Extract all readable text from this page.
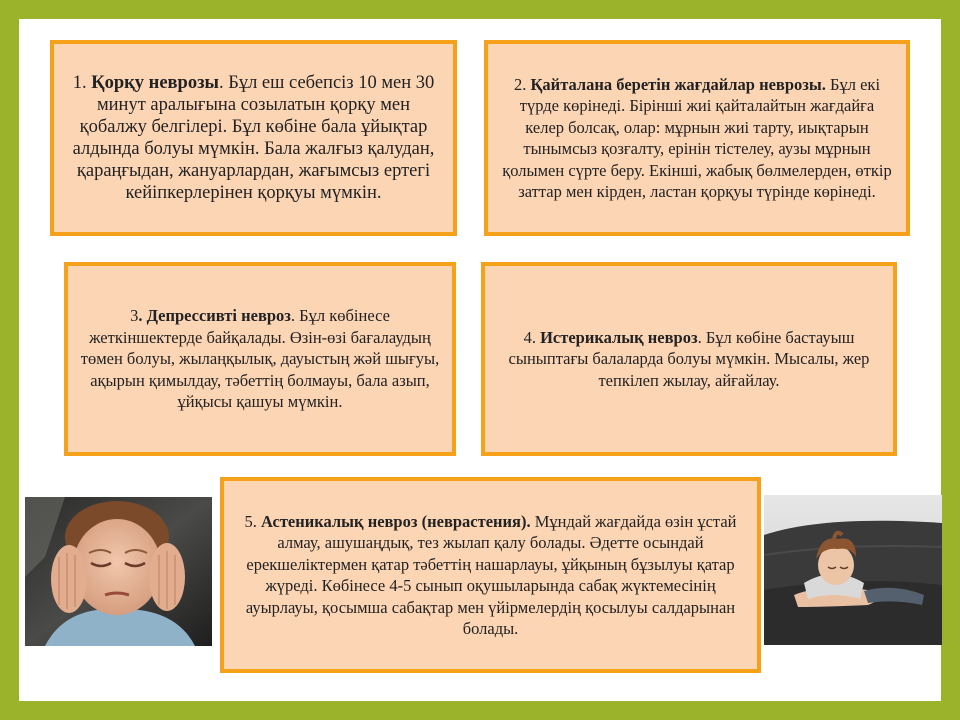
1. Қорқу неврозы. Бұл еш себепсіз 10 мен 30 минут аралығына созылатын қорқу мен қобалжу белгілері. Бұл көбіне бала ұйықтар алдында болуы мүмкін. Бала жалғыз қалудан, қараңғыдан, жануарлардан, жағымсыз ертегі кейіпкерлерінен қорқуы мүмкін.

2. Қайталана беретін жағдайлар неврозы. Бұл екі түрде көрінеді. Бірінші жиі қайталайтын жағдайға келер болсақ, олар: мұрнын жиі тарту, иықтарын тынымсыз қозғалту, ерінін тістелеу, аузы мұрнын қолымен сүрте беру. Екінші, жабық бөлмелерден, өткір заттар мен кірден, ластан қорқуы түрінде көрінеді.

3. Депрессивті невроз. Бұл көбінесе жеткіншектерде байқалады. Өзін-өзі бағалаудың төмен болуы, жылаңқылық, дауыстың жәй шығуы, ақырын қимылдау, тәбеттің болмауы, бала азып, ұйқысы қашуы мүмкін.

4. Истерикалық невроз. Бұл көбіне бастауыш сыныптағы балаларда болуы мүмкін. Мысалы, жер тепкілеп жылау, айғайлау.

5. Астеникалық невроз (неврастения). Мұндай жағдайда өзін ұстай алмау, ашушаңдық, тез жылап қалу болады. Әдетте осындай ерекшеліктермен қатар тәбеттің нашарлауы, ұйқының бұзылуы қатар жүреді. Көбінесе 4-5 сынып оқушыларында сабақ жүктемесінің ауырлауы, қосымша сабақтар мен үйірмелердің қосылуы салдарынан болады.
